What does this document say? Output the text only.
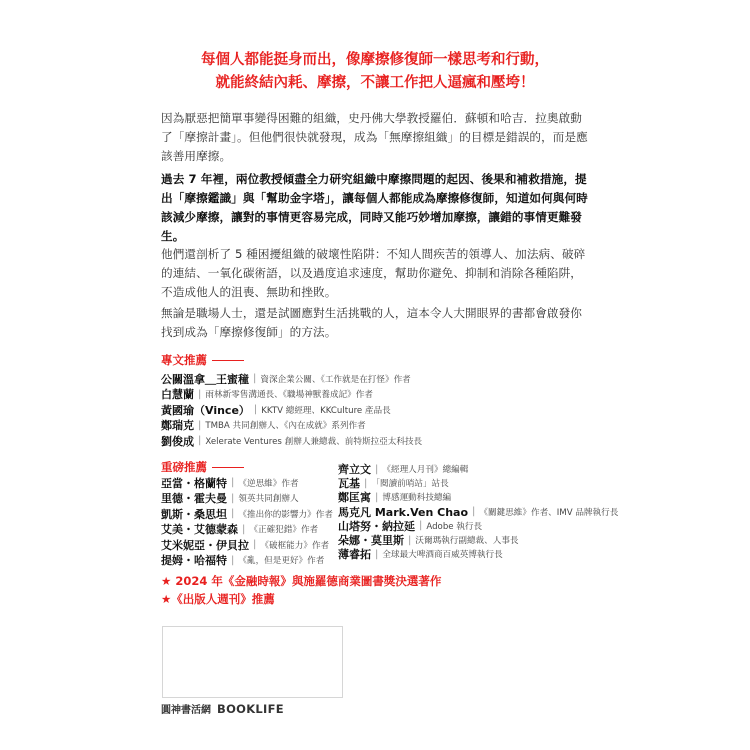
每個人都能挺身而出，像摩擦修復師一樣思考和行動，
就能終結內耗、摩擦，不讓工作把人逼瘋和壓垮！

因為厭惡把簡單事變得困難的組織，史丹佛大學教授羅伯．蘇頓和哈吉．拉奧啟動了「摩擦計畫」。但他們很快就發現，成為「無摩擦組織」的目標是錯誤的，而是應該善用摩擦。

過去 7 年裡，兩位教授傾盡全力研究組織中摩擦問題的起因、後果和補救措施，提出「摩擦鑑識」與「幫助金字塔」，讓每個人都能成為摩擦修復師，知道如何與何時該減少摩擦，讓對的事情更容易完成，同時又能巧妙增加摩擦，讓錯的事情更難發生。

他們還剖析了 5 種困擾組織的破壞性陷阱：不知人間疾苦的領導人、加法病、破碎的連結、一氧化碳術語，以及過度追求速度，幫助你避免、抑制和消除各種陷阱，不造成他人的沮喪、無助和挫敗。

無論是職場人士，還是試圖應對生活挑戰的人，這本令人大開眼界的書都會啟發你找到成為「摩擦修復師」的方法。

專文推薦
公關溫拿＿王蜜穜 | 資深企業公關、《工作就是在打怪》作者
白慧蘭 | 雨林新零售溝通長、《職場神獸養成記》作者
黃國瑜（Vince） | KKTV 總經理、KKCulture 產品長
鄭瑞克 | TMBA 共同創辦人、《內在成就》系列作者
劉俊成 | Xelerate Ventures 創辦人兼總裁、前特斯拉亞太科技長
重磅推薦
亞當・格蘭特 | 《逆思維》作者
里德・霍夫曼 | 領英共同創辦人
凱斯・桑思坦 | 《推出你的影響力》作者
艾美・艾德蒙森 | 《正確犯錯》作者
艾米妮亞・伊貝拉 | 《破框能力》作者
提姆・哈福特 | 《亂，但是更好》作者
齊立文 | 《經理人月刊》總編輯
瓦基 | 「閱讀前哨站」站長
鄭匡寓 | 博感運動科技總編
馬克凡 Mark.Ven Chao | 《關鍵思維》作者、IMV 品牌執行長
山塔努・納拉延 | Adobe 執行長
朵娜・莫里斯 | 沃爾瑪執行副總裁、人事長
薄睿拓 | 全球最大啤酒商百威英博執行長
★ 2024 年《金融時報》與施羅德商業圖書獎決選著作
★《出版人週刊》推薦
圓神書活網 BOOKLIFE
